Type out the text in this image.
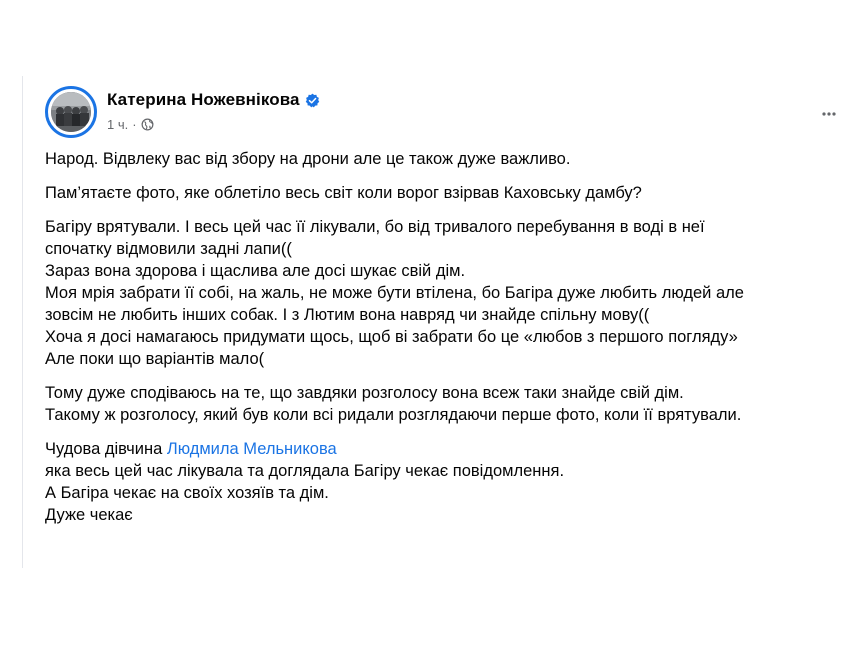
Катерина Ножевнікова
1 ч. ·

Народ. Відвлеку вас від збору на дрони але це також дуже важливо.

Пам’ятаєте фото, яке облетіло весь світ коли ворог взірвав Каховську дамбу?

Багіру врятували. І весь цей час її лікували, бо від тривалого перебування в воді в неї
спочатку відмовили задні лапи((
Зараз вона здорова і щаслива але досі шукає свій дім.
Моя мрія забрати її собі, на жаль, не може бути втілена, бо Багіра дуже любить людей але
зовсім не любить інших собак. І з Лютим вона навряд чи знайде спільну мову((
Хоча я досі намагаюсь придумати щось, щоб ві забрати бо це «любов з першого погляду»
Але поки що варіантів мало(

Тому дуже сподіваюсь на те, що завдяки розголосу вона всеж таки знайде свій дім.
Такому ж розголосу, який був коли всі ридали розглядаючи перше фото, коли її врятували.

Чудова дівчина Людмила Мельникова
яка весь цей час лікувала та доглядала Багіру чекає повідомлення.
А Багіра чекає на своїх хозяїв та дім.
Дуже чекає
